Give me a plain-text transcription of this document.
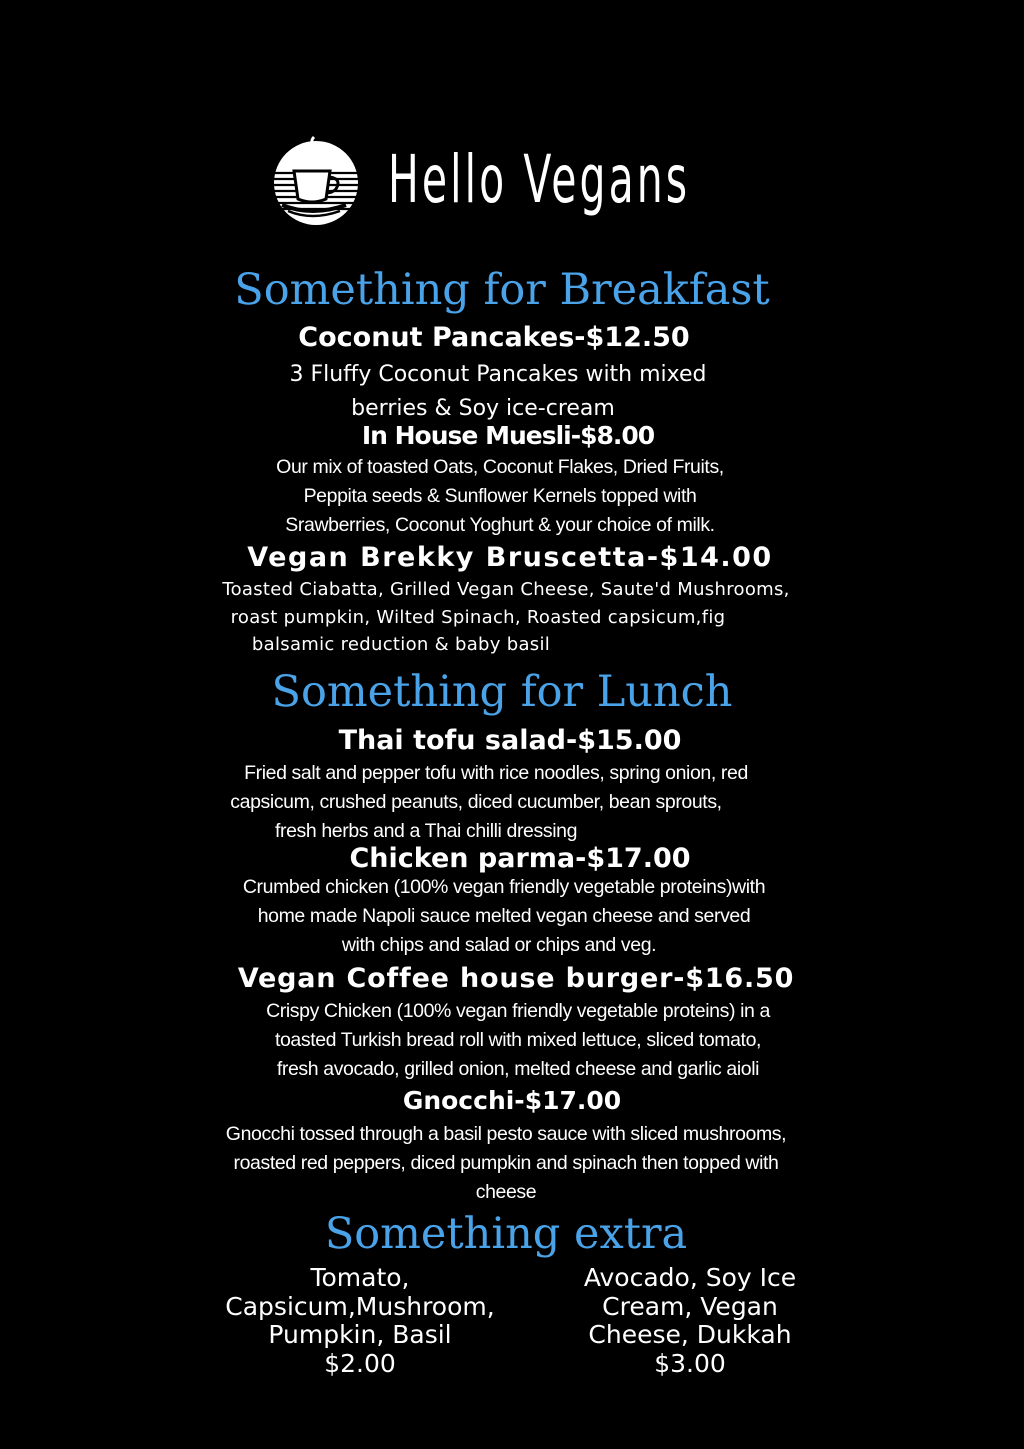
Hello Vegans
Something for Breakfast
Coconut Pancakes-$12.50
3 Fluffy Coconut Pancakes with mixed
berries & Soy ice-cream
In House Muesli-$8.00
Our mix of toasted Oats, Coconut Flakes, Dried Fruits,
Peppita seeds & Sunflower Kernels topped with
Srawberries, Coconut Yoghurt & your choice of milk.
Vegan Brekky Bruscetta-$14.00
Toasted Ciabatta, Grilled Vegan Cheese, Saute'd Mushrooms,
roast pumpkin, Wilted Spinach, Roasted capsicum,fig
balsamic reduction & baby basil
Something for Lunch
Thai tofu salad-$15.00
Fried salt and pepper tofu with rice noodles, spring onion, red
capsicum, crushed peanuts, diced cucumber, bean sprouts,
fresh herbs and a Thai chilli dressing
Chicken parma-$17.00
Crumbed chicken (100% vegan friendly vegetable proteins)with
home made Napoli sauce melted vegan cheese and served
with chips and salad or chips and veg.
Vegan Coffee house burger-$16.50
Crispy Chicken (100% vegan friendly vegetable proteins) in a
toasted Turkish bread roll with mixed lettuce, sliced tomato,
fresh avocado, grilled onion, melted cheese and garlic aioli
Gnocchi-$17.00
Gnocchi tossed through a basil pesto sauce with sliced mushrooms,
roasted red peppers, diced pumpkin and spinach then topped with
cheese
Something extra
Tomato,
Capsicum,Mushroom,
Pumpkin, Basil
$2.00
Avocado, Soy Ice
Cream, Vegan
Cheese, Dukkah
$3.00
